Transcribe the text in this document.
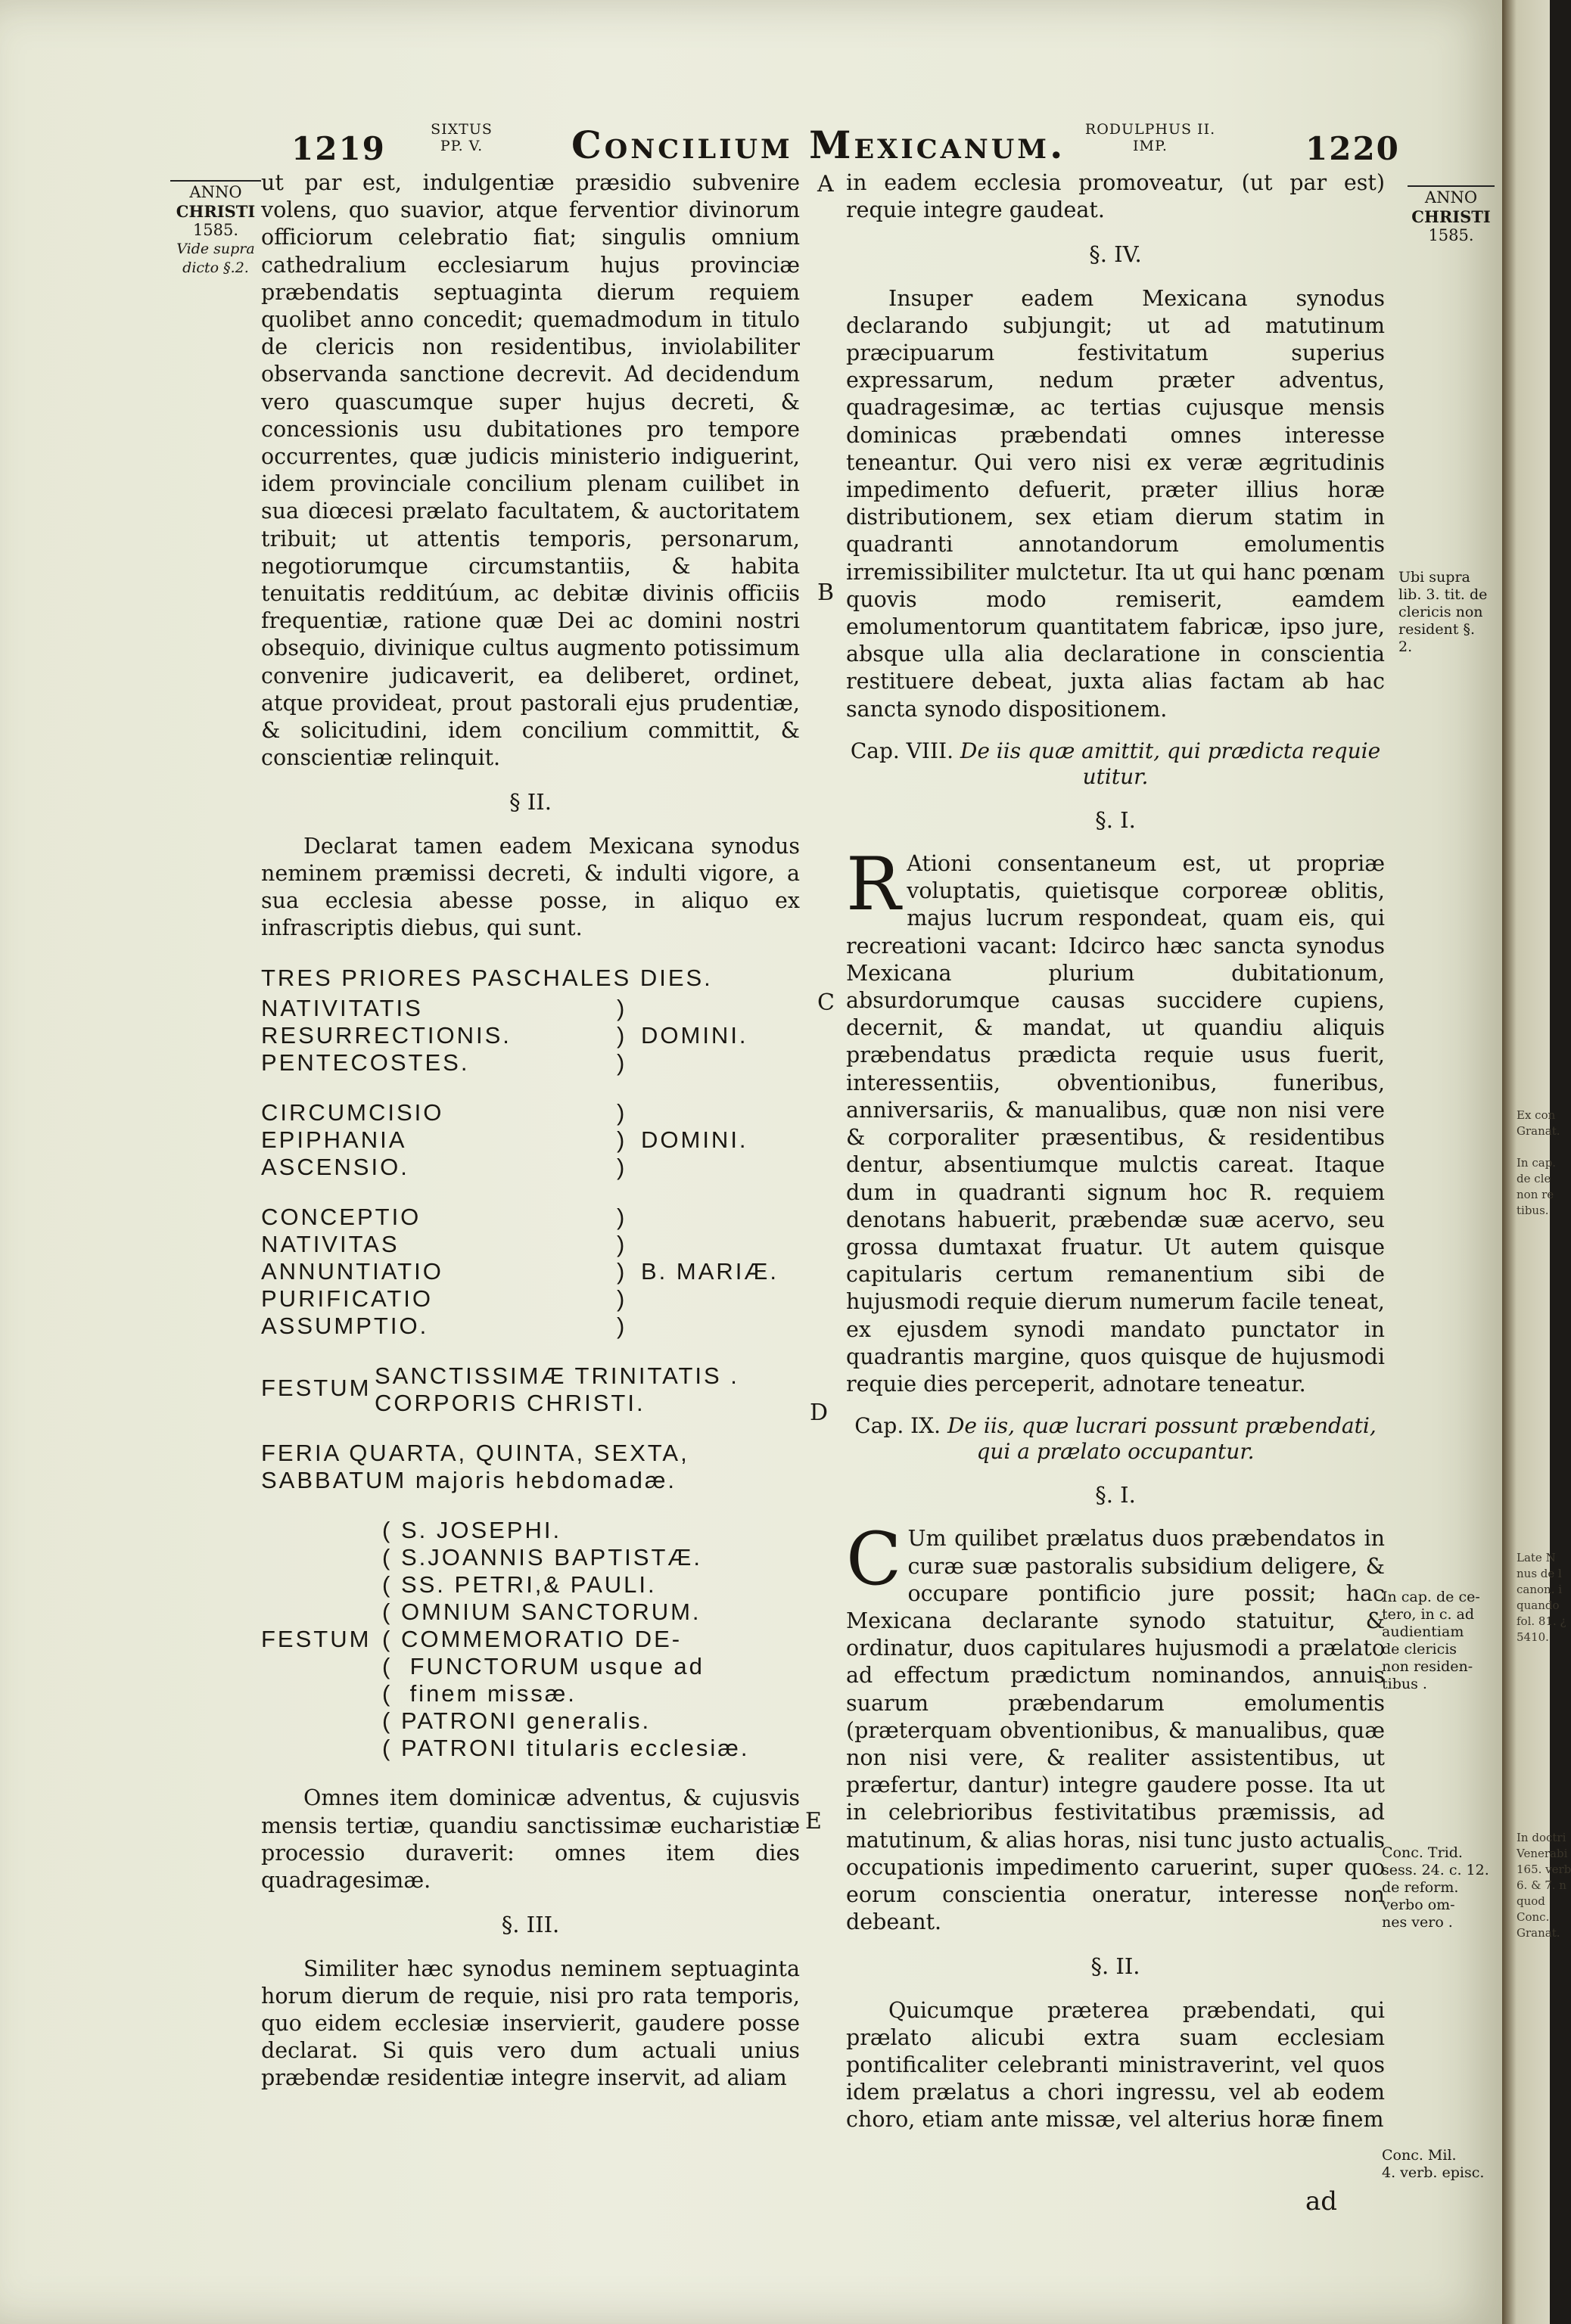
1219
SIXTUS
PP. V.	Concilium Mexicanum. RODULPHUS II.
IMP.	1220
ANNO
CHRISTI
1585.
Vide supra
dicto §.2.
ANNO
CHRISTI
1585.
Ubi supra
lib. 3. tit. de
clericis non
resident §. 2.
In cap. de ce-
tero, in c. ad
audientiam
de clericis
non residen-
tibus .
Conc. Trid.
sess. 24. c. 12.
de reform.
verbo om-
nes vero .
Conc. Mil.
4. verb. episc.
A
B
C
D
E

ut par est, indulgentiæ præsidio subvenire volens, quo suavior, atque ferventior divinorum officiorum celebratio fiat; singulis omnium cathedralium ecclesiarum hujus provinciæ præbendatis septuaginta dierum requiem quolibet anno concedit; quemadmodum in titulo de clericis non residentibus, inviolabiliter observanda sanctione decrevit. Ad decidendum vero quascumque super hujus decreti, & concessionis usu dubitationes pro tempore occurrentes, quæ judicis ministerio indiguerint, idem provinciale concilium plenam cuilibet in sua diœcesi prælato facultatem, & auctoritatem tribuit; ut attentis temporis, personarum, negotiorumque circumstantiis, & habita tenuitatis redditúum, ac debitæ divinis officiis frequentiæ, ratione quæ Dei ac domini nostri obsequio, divinique cultus augmento potissimum convenire judicaverit, ea deliberet, ordinet, atque provideat, prout pastorali ejus prudentiæ, & solicitudini, idem concilium committit, & conscientiæ relinquit.

§ II.

Declarat tamen eadem Mexicana synodus neminem præmissi decreti, & indulti vigore, a sua ecclesia abesse posse, in aliquo ex infrascriptis diebus, qui sunt.

TRES PRIORES PASCHALES DIES.
NATIVITATIS
RESURRECTIONIS.
PENTECOSTES.
)
)
)
DOMINI.
CIRCUMCISIO
EPIPHANIA
ASCENSIO.
)
)
)
DOMINI.
CONCEPTIO
NATIVITAS
ANNUNTIATIO
PURIFICATIO
ASSUMPTIO.
)
)
)
)
)
B. MARIÆ.
FESTUM SANCTISSIMÆ TRINITATIS .
CORPORIS CHRISTI.
FERIA QUARTA, QUINTA, SEXTA,
SABBATUM majoris hebdomadæ.
FESTUM
( S. JOSEPHI.
( S.JOANNIS BAPTISTÆ.
( SS. PETRI,& PAULI.
( OMNIUM SANCTORUM.
( COMMEMORATIO DE-
(  FUNCTORUM usque ad
(  finem missæ.
( PATRONI generalis.
( PATRONI titularis ecclesiæ.

Omnes item dominicæ adventus, & cujusvis mensis tertiæ, quandiu sanctissimæ eucharistiæ processio duraverit: omnes item dies quadragesimæ.

§. III.

Similiter hæc synodus neminem septuaginta horum dierum de requie, nisi pro rata temporis, quo eidem ecclesiæ inservierit, gaudere posse declarat. Si quis vero dum actuali unius præbendæ residentiæ integre inservit, ad aliam

in eadem ecclesia promoveatur, (ut par est) requie integre gaudeat.

§. IV.

Insuper eadem Mexicana synodus declarando subjungit; ut ad matutinum præcipuarum festivitatum superius expressarum, nedum præter adventus, quadragesimæ, ac tertias cujusque mensis dominicas præbendati omnes interesse teneantur. Qui vero nisi ex veræ ægritudinis impedimento defuerit, præter illius horæ distributionem, sex etiam dierum statim in quadranti annotandorum emolumentis irremissibiliter mulctetur. Ita ut qui hanc pœnam quovis modo remiserit, eamdem emolumentorum quantitatem fabricæ, ipso jure, absque ulla alia declaratione in conscientia restituere debeat, juxta alias factam ab hac sancta synodo dispositionem.

Cap. VIII. De iis quæ amittit, qui prædicta requie utitur.
§. I.

R Ationi consentaneum est, ut propriæ voluptatis, quietisque corporeæ oblitis, majus lucrum respondeat, quam eis, qui recreationi vacant: Idcirco hæc sancta synodus Mexicana plurium dubitationum, absurdorumque causas succidere cupiens, decernit, & mandat, ut quandiu aliquis præbendatus prædicta requie usus fuerit, interessentiis, obventionibus, funeribus, anniversariis, & manualibus, quæ non nisi vere & corporaliter præsentibus, & residentibus dentur, absentiumque mulctis careat. Itaque dum in quadranti signum hoc R. requiem denotans habuerit, præbendæ suæ acervo, seu grossa dumtaxat fruatur. Ut autem quisque capitularis certum remanentium sibi de hujusmodi requie dierum numerum facile teneat, ex ejusdem synodi mandato punctator in quadrantis margine, quos quisque de hujusmodi requie dies perceperit, adnotare teneatur.

Cap. IX. De iis, quæ lucrari possunt præbendati, qui a prælato occupantur.
§. I.

C Um quilibet prælatus duos præbendatos in curæ suæ pastoralis subsidium deligere, & occupare pontificio jure possit; hac Mexicana declarante synodo statuitur, & ordinatur, duos capitulares hujusmodi a prælato ad effectum prædictum nominandos, annuis suarum præbendarum emolumentis (præterquam obventionibus, & manualibus, quæ non nisi vere, & realiter assistentibus, ut præfertur, dantur) integre gaudere posse. Ita ut in celebrioribus festivitatibus præmissis, ad matutinum, & alias horas, nisi tunc justo actualis occupationis impedimento caruerint, super quo eorum conscientia oneratur, interesse non debeant.

§. II.

Quicumque præterea præbendati, qui prælato alicubi extra suam ecclesiam pontificaliter celebranti ministraverint, vel quos idem prælatus a chori ingressu, vel ab eodem choro, etiam ante missæ, vel alterius horæ finem

ad
Ex con
Granat.
In cap.
de cle
non re
tibus.
Late N
nus de l
canon. i
quando
fol. 81. ¿
5410.
In doctri
Venerabi
165. verb
6. & 7. n
quod
Conc.
Granat.
